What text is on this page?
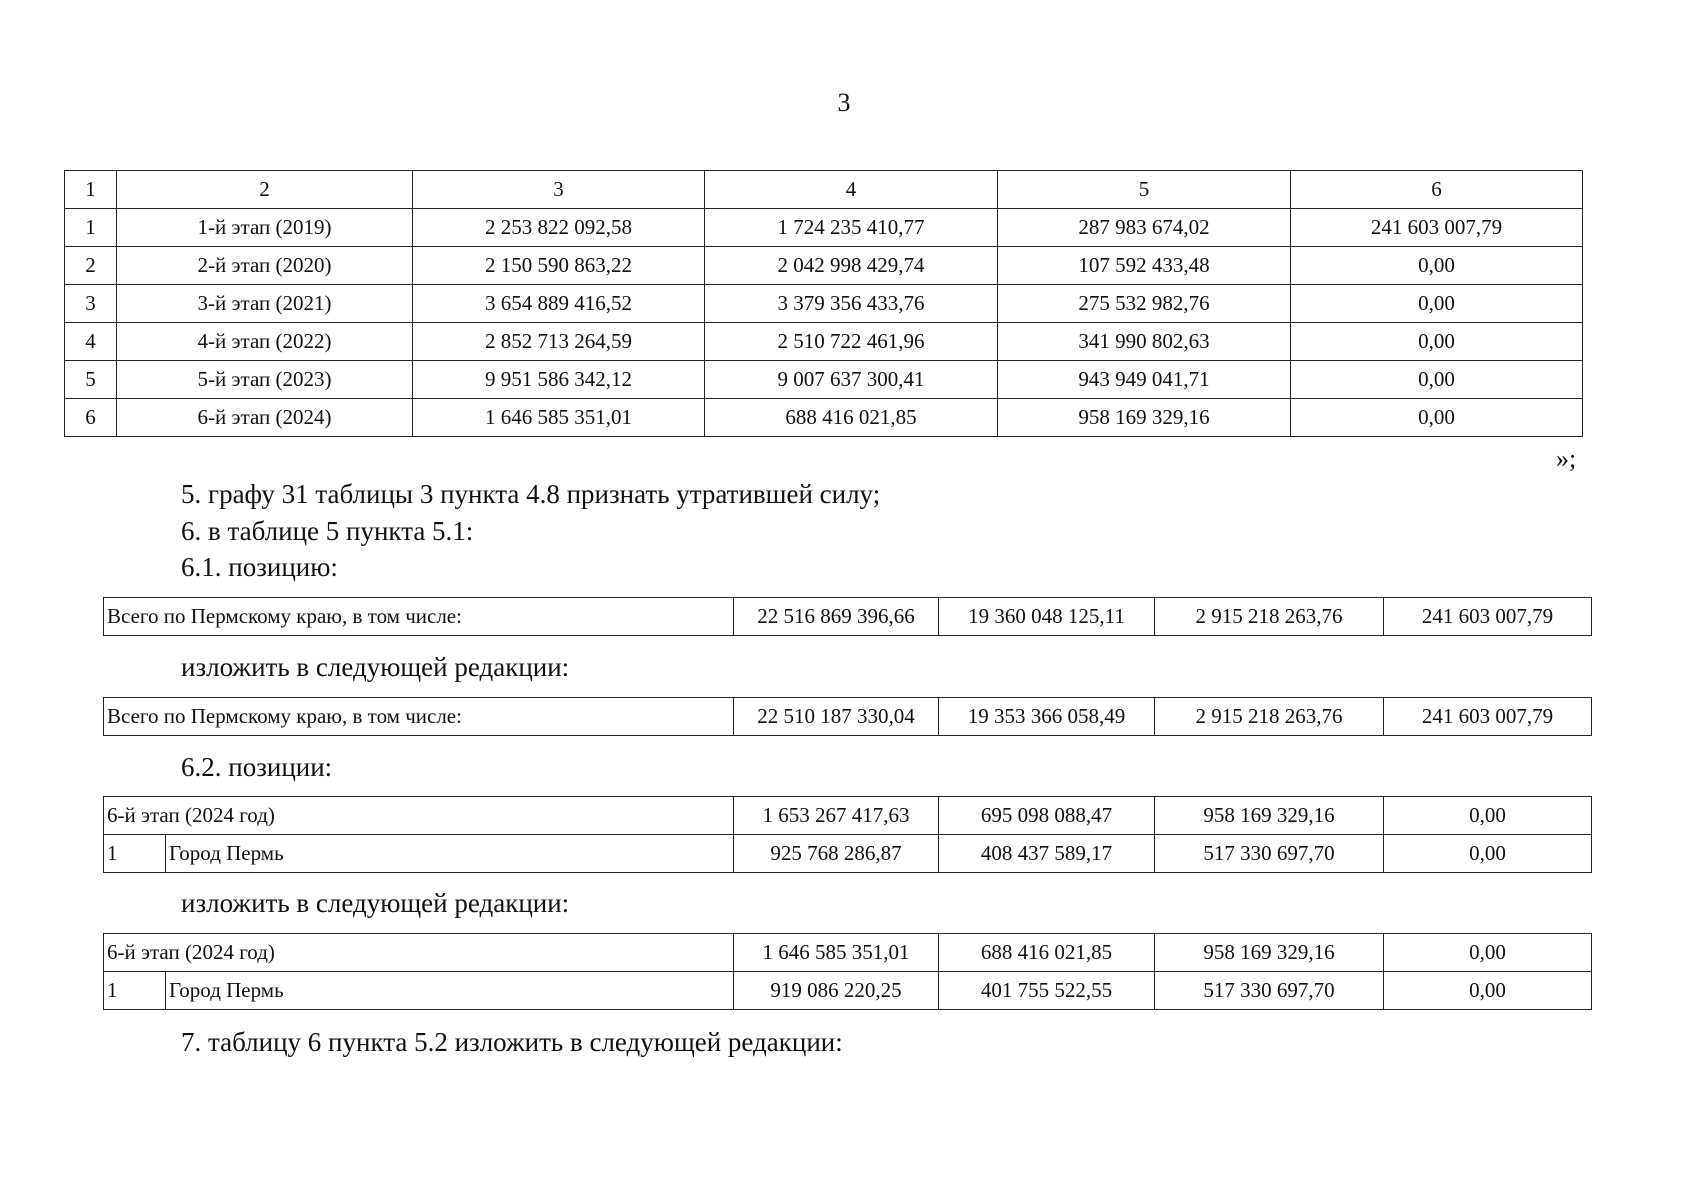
3
1	2	3	4	5	6
1	1-й этап (2019)	2 253 822 092,58	1 724 235 410,77	287 983 674,02	241 603 007,79
2	2-й этап (2020)	2 150 590 863,22	2 042 998 429,74	107 592 433,48	0,00
3	3-й этап (2021)	3 654 889 416,52	3 379 356 433,76	275 532 982,76	0,00
4	4-й этап (2022)	2 852 713 264,59	2 510 722 461,96	341 990 802,63	0,00
5	5-й этап (2023)	9 951 586 342,12	9 007 637 300,41	943 949 041,71	0,00
6	6-й этап (2024)	1 646 585 351,01	688 416 021,85	958 169 329,16	0,00
»;
5. графу 31 таблицы 3 пункта 4.8 признать утратившей силу;
6. в таблице 5 пункта 5.1:
6.1. позицию:
Всего по Пермскому краю, в том числе:	22 516 869 396,66	19 360 048 125,11	2 915 218 263,76	241 603 007,79
изложить в следующей редакции:
Всего по Пермскому краю, в том числе:	22 510 187 330,04	19 353 366 058,49	2 915 218 263,76	241 603 007,79
6.2. позиции:
6-й этап (2024 год)		1 653 267 417,63	695 098 088,47	958 169 329,16	0,00
1	Город Пермь	925 768 286,87	408 437 589,17	517 330 697,70	0,00
изложить в следующей редакции:
6-й этап (2024 год)		1 646 585 351,01	688 416 021,85	958 169 329,16	0,00
1	Город Пермь	919 086 220,25	401 755 522,55	517 330 697,70	0,00
7. таблицу 6 пункта 5.2 изложить в следующей редакции:
